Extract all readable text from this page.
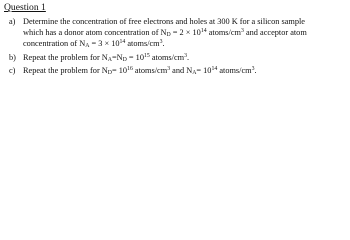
Question 1
a) Determine the concentration of free electrons and holes at 300 K for a silicon sample
which has a donor atom concentration of $N_D = 2 \times 10^{14}$ atoms/$cm^3$ and acceptor atom
concentration of $N_A = 3 \times 10^{14}$ atoms/$cm^3$.
b) Repeat the problem for $N_A=N_D = 10^{15}$ atoms/$cm^3$.
c) Repeat the problem for $N_D= 10^{16}$ atoms/$cm^3$ and $N_A= 10^{14}$ atoms/$cm^3$.
